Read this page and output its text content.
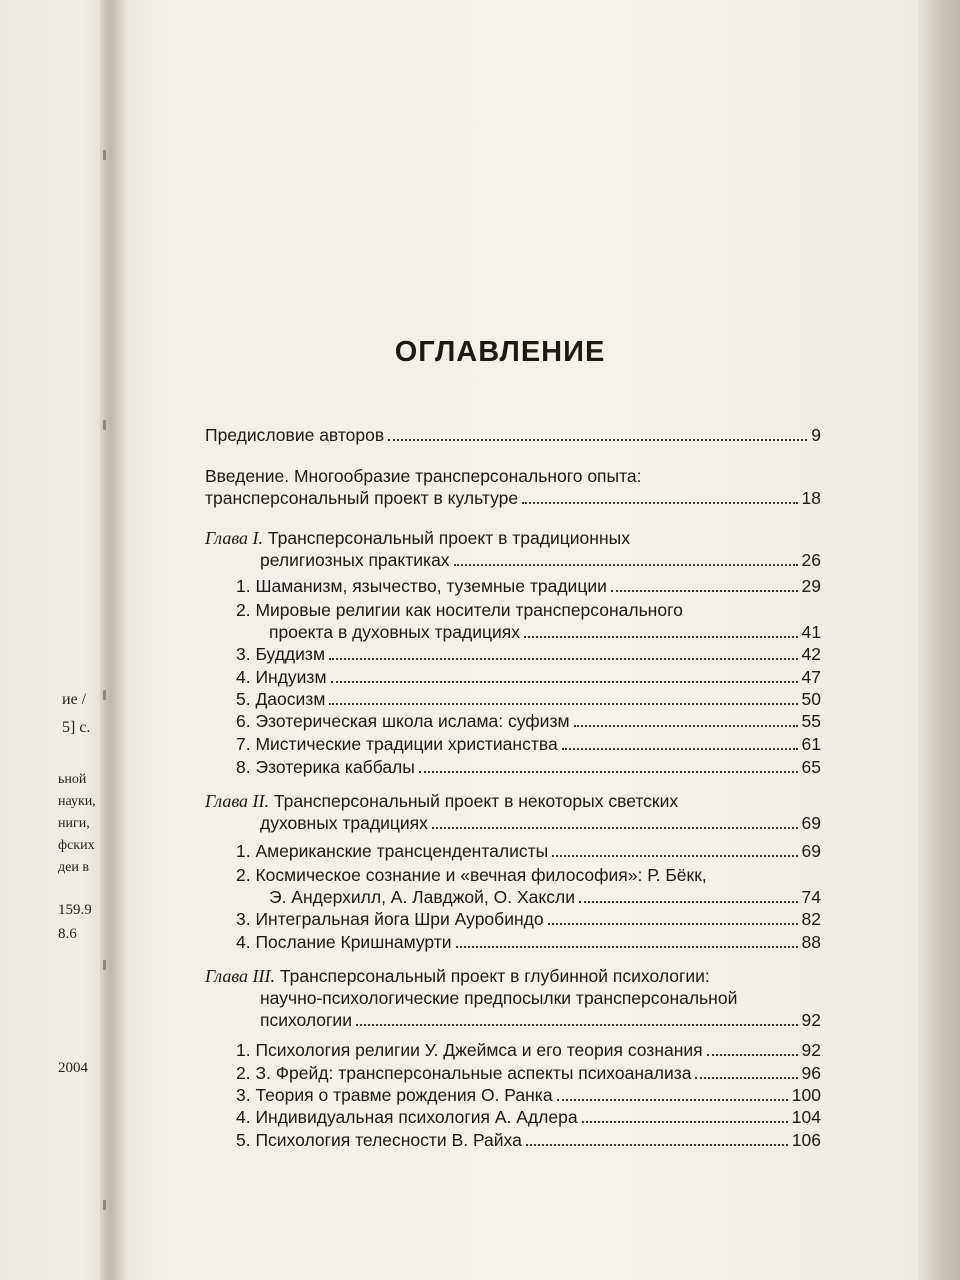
ие /
5] с.
ьной
науки,
ниги,
фских
деи в
159.9
8.6
2004
ОГЛАВЛЕНИЕ
Предисловие авторов	9
Введение. Многообразие трансперсонального опыта:
трансперсональный проект в культуре	18
Глава I. Трансперсональный проект в традиционных
религиозных практиках	26
1. Шаманизм, язычество, туземные традиции	29
2. Мировые религии как носители трансперсонального
проекта в духовных традициях	41
3. Буддизм	42
4. Индуизм	47
5. Даосизм	50
6. Эзотерическая школа ислама: суфизм	55
7. Мистические традиции христианства	61
8. Эзотерика каббалы	65
Глава II. Трансперсональный проект в некоторых светских
духовных традициях	69
1. Американские трансценденталисты	69
2. Космическое сознание и «вечная философия»: Р. Бёкк,
Э. Андерхилл, А. Лавджой, О. Хаксли	74
3. Интегральная йога Шри Ауробиндо	82
4. Послание Кришнамурти	88
Глава III. Трансперсональный проект в глубинной психологии:
научно-психологические предпосылки трансперсональной
психологии	92
1. Психология религии У. Джеймса и его теория сознания	92
2. З. Фрейд: трансперсональные аспекты психоанализа	96
3. Теория о травме рождения О. Ранка	100
4. Индивидуальная психология А. Адлера	104
5. Психология телесности В. Райха	106
